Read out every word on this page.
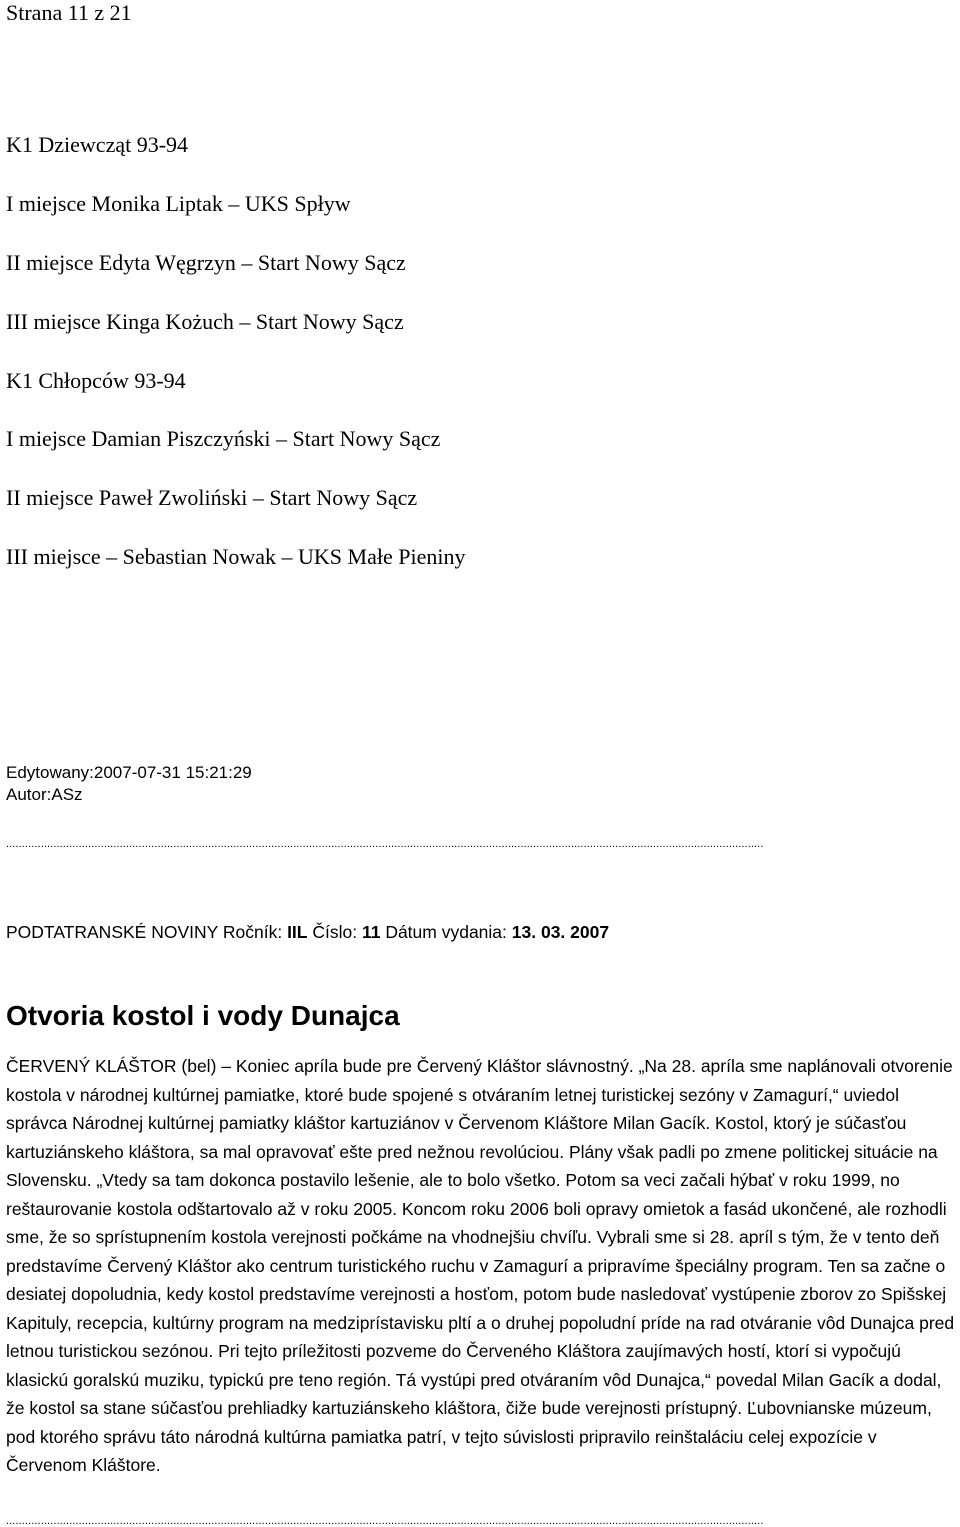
Strana 11 z 21
K1 Dziewcząt 93-94
I miejsce Monika Liptak – UKS Spływ
II miejsce Edyta Węgrzyn – Start Nowy Sącz
III miejsce Kinga Kożuch – Start Nowy Sącz
K1 Chłopców 93-94
I miejsce Damian Piszczyński – Start Nowy Sącz
II miejsce Paweł Zwoliński – Start Nowy Sącz
III miejsce – Sebastian Nowak – UKS Małe Pieniny
Edytowany:2007-07-31 15:21:29
Autor:ASz
................................................................................................................................................................................................................................................
PODTATRANSKÉ NOVINY Ročník: IIL Číslo: 11 Dátum vydania: 13. 03. 2007
Otvoria kostol i vody Dunajca
ČERVENÝ KLÁŠTOR (bel) – Koniec apríla bude pre Červený Kláštor slávnostný. „Na 28. apríla sme naplánovali otvorenie kostola v národnej kultúrnej pamiatke, ktoré bude spojené s otváraním letnej turistickej sezóny v Zamagurí,“ uviedol správca Národnej kultúrnej pamiatky kláštor kartuziánov v Červenom Kláštore Milan Gacík. Kostol, ktorý je súčasťou kartuziánskeho kláštora, sa mal opravovať ešte pred nežnou revolúciou. Plány však padli po zmene politickej situácie na Slovensku. „Vtedy sa tam dokonca postavilo lešenie, ale to bolo všetko. Potom sa veci začali hýbať v roku 1999, no reštaurovanie kostola odštartovalo až v roku 2005. Koncom roku 2006 boli opravy omietok a fasád ukončené, ale rozhodli sme, že so sprístupnením kostola verejnosti počkáme na vhodnejšiu chvíľu. Vybrali sme si 28. apríl s tým, že v tento deň predstavíme Červený Kláštor ako centrum turistického ruchu v Zamagurí a pripravíme špeciálny program. Ten sa začne o desiatej dopoludnia, kedy kostol predstavíme verejnosti a hosťom, potom bude nasledovať vystúpenie zborov zo Spišskej Kapituly, recepcia, kultúrny program na medziprístavisku pltí a o druhej popoludní príde na rad otváranie vôd Dunajca pred letnou turistickou sezónou. Pri tejto príležitosti pozveme do Červeného Kláštora zaujímavých hostí, ktorí si vypočujú klasickú goralskú muziku, typickú pre teno región. Tá vystúpi pred otváraním vôd Dunajca,“ povedal Milan Gacík a dodal, že kostol sa stane súčasťou prehliadky kartuziánskeho kláštora, čiže bude verejnosti prístupný. Ľubovnianske múzeum, pod ktorého správu táto národná kultúrna pamiatka patrí, v tejto súvislosti pripravilo reinštaláciu celej expozície v Červenom Kláštore.
................................................................................................................................................................................................................................................
